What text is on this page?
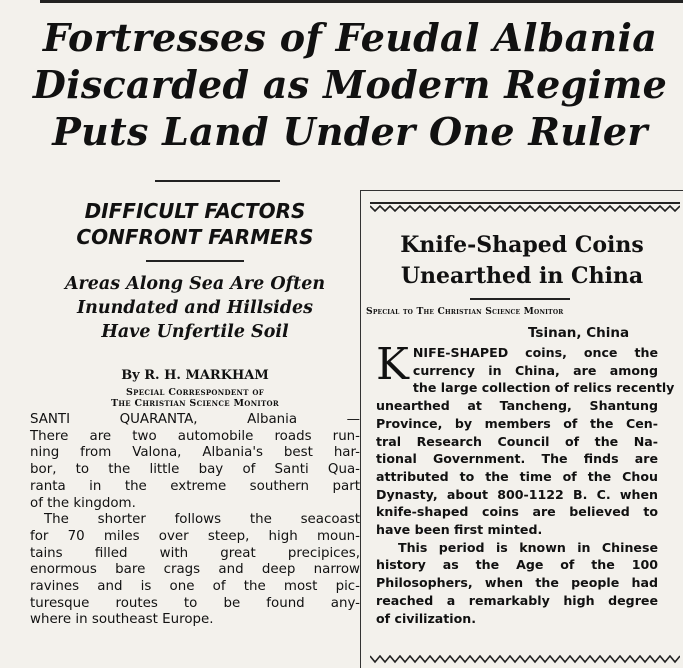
Fortresses of Feudal Albania
Discarded as Modern Regime
Puts Land Under One Ruler
DIFFICULT FACTORS
CONFRONT FARMERS
Areas Along Sea Are Often
Inundated and Hillsides
Have Unfertile Soil

By R. H. MARKHAM

Special Correspondent of
The Christian Science Monitor

SANTI QUARANTA, Albania —
There are two automobile roads run-
ning from Valona, Albania's best har-
bor, to the little bay of Santi Qua-
ranta in the extreme southern part
of the kingdom.

The shorter follows the seacoast
for 70 miles over steep, high moun-
tains filled with great precipices,
enormous bare crags and deep narrow
ravines and is one of the most pic-
turesque routes to be found any-
where in southeast Europe.

Knife-Shaped Coins
Unearthed in China
Special to The Christian Science Monitor
Tsinan, China
K NIFE-SHAPED coins, once the
currency in China, are among
the large collection of relics recently
unearthed at Tancheng, Shantung
Province, by members of the Cen-
tral Research Council of the Na-
tional Government. The finds are
attributed to the time of the Chou
Dynasty, about 800-1122 B. C. when
knife-shaped coins are believed to
have been first minted.
This period is known in Chinese
history as the Age of the 100
Philosophers, when the people had
reached a remarkably high degree
of civilization.
